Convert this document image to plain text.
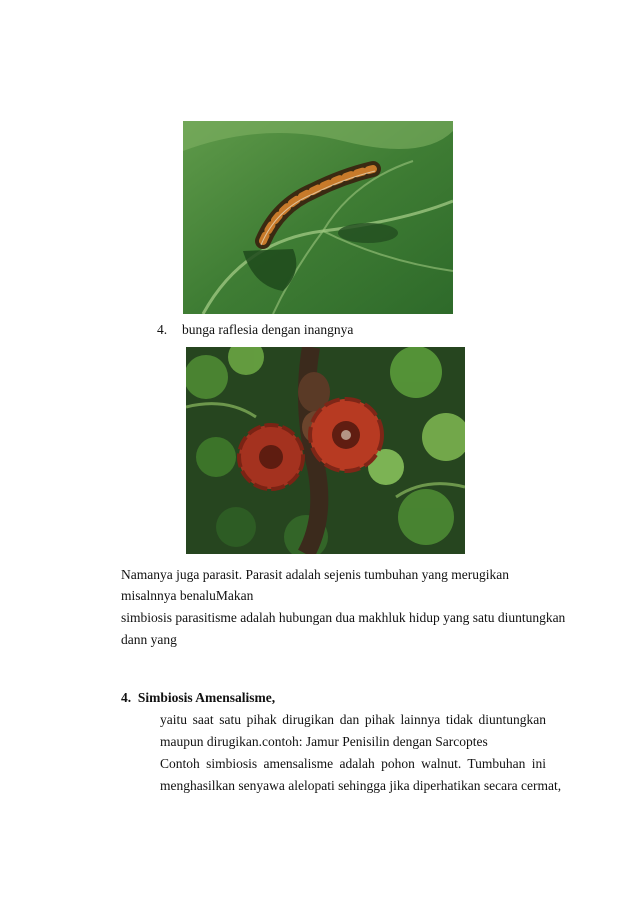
4. bunga raflesia dengan inangnya
Namanya juga parasit. Parasit adalah sejenis tumbuhan yang merugikan
misalnnya benaluMakan
simbiosis parasitisme adalah hubungan dua makhluk hidup yang satu diuntungkan
dann yang
4.  Simbiosis Amensalisme,
yaitu saat satu pihak dirugikan dan pihak lainnya tidak diuntungkan
maupun dirugikan.contoh: Jamur Penisilin dengan Sarcoptes
Contoh simbiosis amensalisme adalah pohon walnut. Tumbuhan ini
menghasilkan senyawa alelopati sehingga jika diperhatikan secara cermat,
